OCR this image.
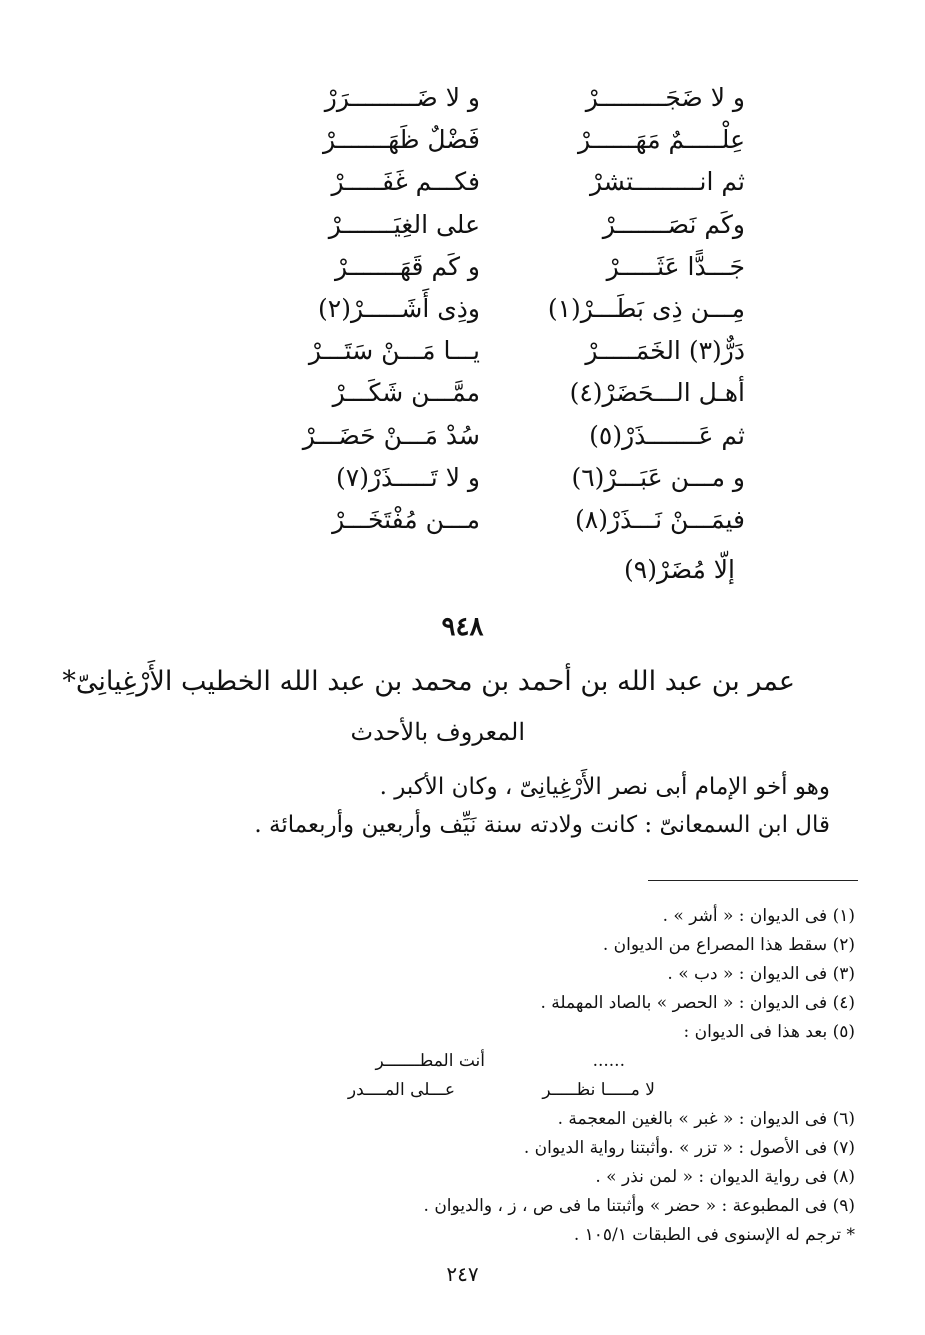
و لا ضَجَـــــــــرْ
و لا ضَـــــــــرَرْ
عِلْـــــمٌ مَهَــــــرْ
فَضْلٌ ظَهَـــــــرْ
ثم انـــــــــتشرْ
فكـــم غَفَـــــرْ
وكَم نَصَـــــــرْ
على الغِيَـــــــرْ
جَـــدًّا عَثَـــــرْ
و كَم قَهَـــــــرْ
مِـــن ذِى بَطَـــرْ(١)
وذِى أَشَـــــرْ(٢)
دَرٌّ(٣) الخَمَـــــرْ
يـــا مَـــنْ سَتَـــرْ
أهـل الـــحَضَرْ(٤)
ممَّـــن شَكَـــرْ
ثم عَـــــــذَرْ(٥)
سُدْ مَـــنْ حَضَـــرْ
و مـــن عَبَـــرْ(٦)
و لا تَـــــذَرْ(٧)
فيمَـــنْ نَـــذَرْ(٨)
مـــن مُفْتَخَـــرْ
إلّا مُضَرْ(٩)
٩٤٨
عمر بن عبد الله بن أحمد بن محمد بن عبد الله الخطيب الأَرْغِيانِىّ*
المعروف بالأحدث
وهو أخو الإمام أبى نصر الأَرْغِيانِىّ ، وكان الأكبر .
قال ابن السمعانىّ : كانت ولادته سنة نَيِّف وأربعين وأربعمائة .
(١) فى الديوان : « أشر » .
(٢) سقط هذا المصراع من الديوان .
(٣) فى الديوان : « دب » .
(٤) فى الديوان : « الحصر » بالصاد المهملة .
(٥) بعد هذا فى الديوان :
......
أنت المطـــــــر
لا مـــــا نظـــــر
عـــلى المــــدر
(٦) فى الديوان : « غبر » بالغين المعجمة .
(٧) فى الأصول : « تزر » .وأثبتنا رواية الديوان .
(٨) فى رواية الديوان : « لمن نذر » .
(٩) فى المطبوعة : « حضر » وأثبتنا ما فى ص ، ز ، والديوان .
* ترجم له الإسنوى فى الطبقات ١٠٥/١ .
٢٤٧
